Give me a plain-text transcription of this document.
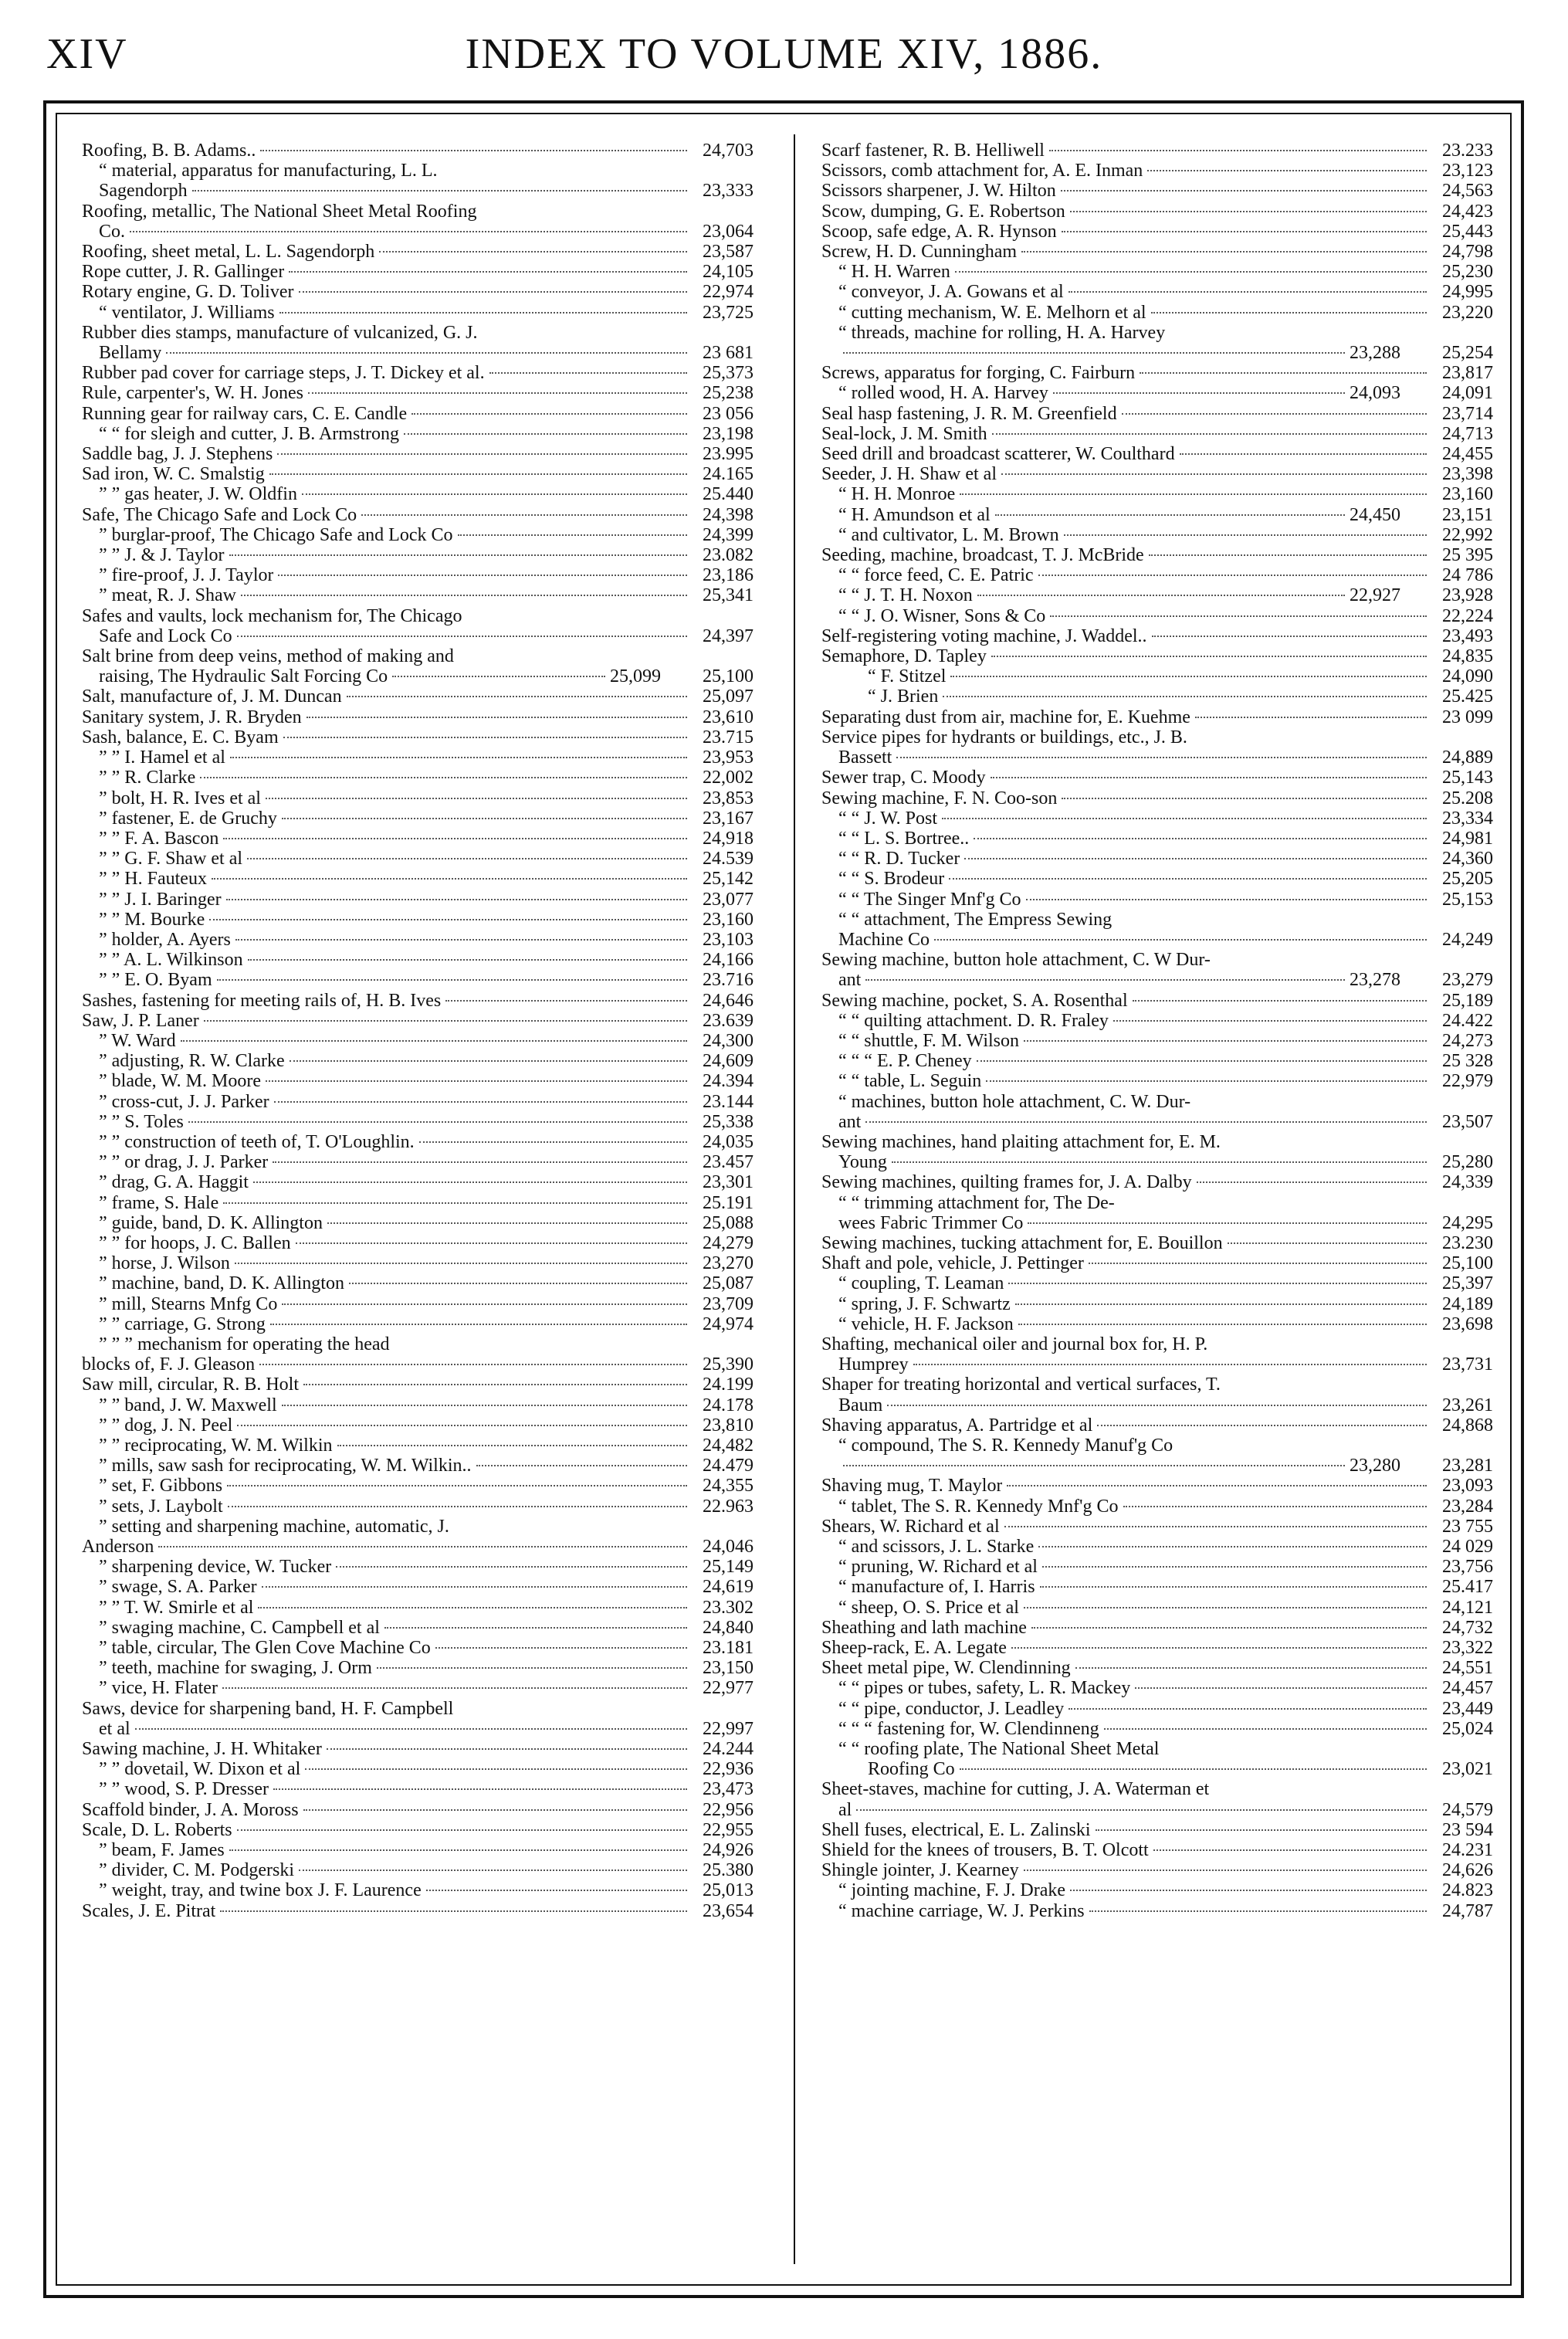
XIV	INDEX TO VOLUME XIV, 1886.
Roofing, B. B. Adams..	24,703
“ material, apparatus for manufacturing, L. L.
Sagendorph	23,333
Roofing, metallic, The National Sheet Metal Roofing
Co.	23,064
Roofing, sheet metal, L. L. Sagendorph	23,587
Rope cutter, J. R. Gallinger	24,105
Rotary engine, G. D. Toliver	22,974
“ ventilator, J. Williams	23,725
Rubber dies stamps, manufacture of vulcanized, G. J.
Bellamy	23 681
Rubber pad cover for carriage steps, J. T. Dickey et al.	25,373
Rule, carpenter's, W. H. Jones	25,238
Running gear for railway cars, C. E. Candle	23 056
“ “ for sleigh and cutter, J. B. Armstrong	23,198
Saddle bag, J. J. Stephens	23.995
Sad iron, W. C. Smalstig	24.165
” ” gas heater, J. W. Oldfin	25.440
Safe, The Chicago Safe and Lock Co	24,398
” burglar-proof, The Chicago Safe and Lock Co	24,399
” ” J. & J. Taylor	23.082
” fire-proof, J. J. Taylor	23,186
” meat, R. J. Shaw	25,341
Safes and vaults, lock mechanism for, The Chicago
Safe and Lock Co	24,397
Salt brine from deep veins, method of making and
raising, The Hydraulic Salt Forcing Co	25,099	25,100
Salt, manufacture of, J. M. Duncan	25,097
Sanitary system, J. R. Bryden	23,610
Sash, balance, E. C. Byam	23.715
” ” I. Hamel et al	23,953
” ” R. Clarke	22,002
” bolt, H. R. Ives et al	23,853
” fastener, E. de Gruchy	23,167
” ” F. A. Bascon	24,918
” ” G. F. Shaw et al	24.539
” ” H. Fauteux	25,142
” ” J. I. Baringer	23,077
” ” M. Bourke	23,160
” holder, A. Ayers	23,103
” ” A. L. Wilkinson	24,166
” ” E. O. Byam	23.716
Sashes, fastening for meeting rails of, H. B. Ives	24,646
Saw, J. P. Laner	23.639
” W. Ward	24,300
” adjusting, R. W. Clarke	24,609
” blade, W. M. Moore	24.394
” cross-cut, J. J. Parker	23.144
” ” S. Toles	25,338
” ” construction of teeth of, T. O'Loughlin.	24,035
” ” or drag, J. J. Parker	23.457
” drag, G. A. Haggit	23,301
” frame, S. Hale	25.191
” guide, band, D. K. Allington	25,088
” ” for hoops, J. C. Ballen	24,279
” horse, J. Wilson	23,270
” machine, band, D. K. Allington	25,087
” mill, Stearns Mnfg Co	23,709
” ” carriage, G. Strong	24,974
” ” ” mechanism for operating the head
blocks of, F. J. Gleason	25,390
Saw mill, circular, R. B. Holt	24.199
” ” band, J. W. Maxwell	24.178
” ” dog, J. N. Peel	23,810
” ” reciprocating, W. M. Wilkin	24,482
” mills, saw sash for reciprocating, W. M. Wilkin..	24.479
” set, F. Gibbons	24,355
” sets, J. Laybolt	22.963
” setting and sharpening machine, automatic, J.
Anderson	24,046
” sharpening device, W. Tucker	25,149
” swage, S. A. Parker	24,619
” ” T. W. Smirle et al	23.302
” swaging machine, C. Campbell et al	24,840
” table, circular, The Glen Cove Machine Co	23.181
” teeth, machine for swaging, J. Orm	23,150
” vice, H. Flater	22,977
Saws, device for sharpening band, H. F. Campbell
et al	22,997
Sawing machine, J. H. Whitaker	24.244
” ” dovetail, W. Dixon et al	22,936
” ” wood, S. P. Dresser	23,473
Scaffold binder, J. A. Moross	22,956
Scale, D. L. Roberts	22,955
” beam, F. James	24,926
” divider, C. M. Podgerski	25.380
” weight, tray, and twine box J. F. Laurence	25,013
Scales, J. E. Pitrat	23,654
Scarf fastener, R. B. Helliwell	23.233
Scissors, comb attachment for, A. E. Inman	23,123
Scissors sharpener, J. W. Hilton	24,563
Scow, dumping, G. E. Robertson	24,423
Scoop, safe edge, A. R. Hynson	25,443
Screw, H. D. Cunningham	24,798
“ H. H. Warren	25,230
“ conveyor, J. A. Gowans et al	24,995
“ cutting mechanism, W. E. Melhorn et al	23,220
“ threads, machine for rolling, H. A. Harvey
23,288	25,254
Screws, apparatus for forging, C. Fairburn	23,817
“ rolled wood, H. A. Harvey	24,093	24,091
Seal hasp fastening, J. R. M. Greenfield	23,714
Seal-lock, J. M. Smith	24,713
Seed drill and broadcast scatterer, W. Coulthard	24,455
Seeder, J. H. Shaw et al	23,398
“ H. H. Monroe	23,160
“ H. Amundson et al	24,450	23,151
“ and cultivator, L. M. Brown	22,992
Seeding, machine, broadcast, T. J. McBride	25 395
“ “ force feed, C. E. Patric	24 786
“ “ J. T. H. Noxon	22,927	23,928
“ “ J. O. Wisner, Sons & Co	22,224
Self-registering voting machine, J. Waddel..	23,493
Semaphore, D. Tapley	24,835
“ F. Stitzel	24,090
“ J. Brien	25.425
Separating dust from air, machine for, E. Kuehme	23 099
Service pipes for hydrants or buildings, etc., J. B.
Bassett	24,889
Sewer trap, C. Moody	25,143
Sewing machine, F. N. Coo-son	25.208
“ “ J. W. Post	23,334
“ “ L. S. Bortree..	24,981
“ “ R. D. Tucker	24,360
“ “ S. Brodeur	25,205
“ “ The Singer Mnf'g Co	25,153
“ “ attachment, The Empress Sewing
Machine Co	24,249
Sewing machine, button hole attachment, C. W Dur-
ant	23,278	23,279
Sewing machine, pocket, S. A. Rosenthal	25,189
“ “ quilting attachment. D. R. Fraley	24.422
“ “ shuttle, F. M. Wilson	24,273
“ “ “ E. P. Cheney	25 328
“ “ table, L. Seguin	22,979
“ machines, button hole attachment, C. W. Dur-
ant	23,507
Sewing machines, hand plaiting attachment for, E. M.
Young	25,280
Sewing machines, quilting frames for, J. A. Dalby	24,339
“ “ trimming attachment for, The De-
wees Fabric Trimmer Co	24,295
Sewing machines, tucking attachment for, E. Bouillon	23.230
Shaft and pole, vehicle, J. Pettinger	25,100
“ coupling, T. Leaman	25,397
“ spring, J. F. Schwartz	24,189
“ vehicle, H. F. Jackson	23,698
Shafting, mechanical oiler and journal box for, H. P.
Humprey	23,731
Shaper for treating horizontal and vertical surfaces, T.
Baum	23,261
Shaving apparatus, A. Partridge et al	24,868
“ compound, The S. R. Kennedy Manuf'g Co
23,280	23,281
Shaving mug, T. Maylor	23,093
“ tablet, The S. R. Kennedy Mnf'g Co	23,284
Shears, W. Richard et al	23 755
“ and scissors, J. L. Starke	24 029
“ pruning, W. Richard et al	23,756
“ manufacture of, I. Harris	25.417
“ sheep, O. S. Price et al	24,121
Sheathing and lath machine	24,732
Sheep-rack, E. A. Legate	23,322
Sheet metal pipe, W. Clendinning	24,551
“ “ pipes or tubes, safety, L. R. Mackey	24,457
“ “ pipe, conductor, J. Leadley	23,449
“ “ “ fastening for, W. Clendinneng	25,024
“ “ roofing plate, The National Sheet Metal
Roofing Co	23,021
Sheet-staves, machine for cutting, J. A. Waterman et
al	24,579
Shell fuses, electrical, E. L. Zalinski	23 594
Shield for the knees of trousers, B. T. Olcott	24.231
Shingle jointer, J. Kearney	24,626
“ jointing machine, F. J. Drake	24.823
“ machine carriage, W. J. Perkins	24,787
